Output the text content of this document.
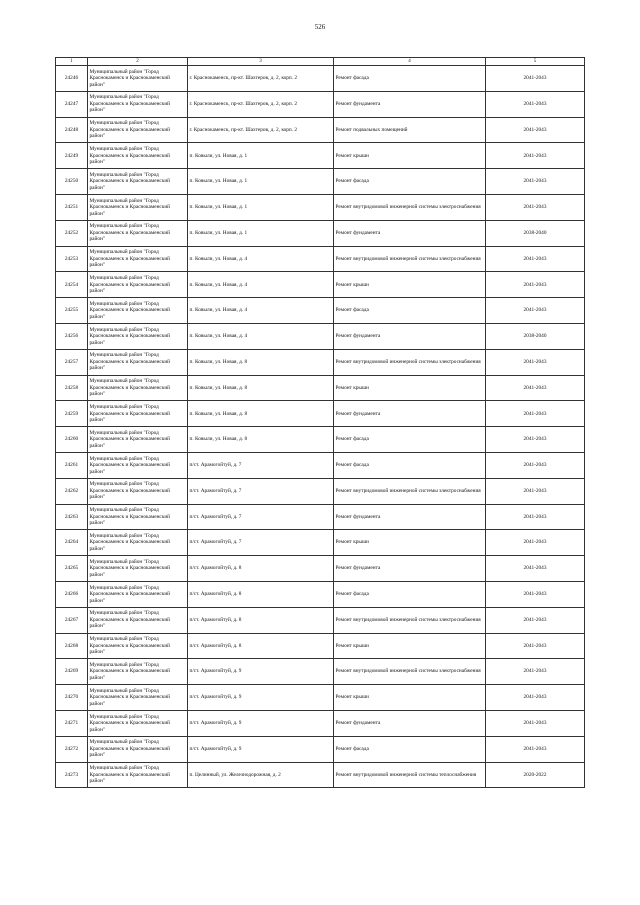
526
1	2	3	4	5
24246	Муниципальный район "Город Краснокаменск и Краснокаменский район"	г. Краснокаменск, пр-кт. Шахтеров, д. 2, корп. 2	Ремонт фасада	2041-2043
24247	Муниципальный район "Город Краснокаменск и Краснокаменский район"	г. Краснокаменск, пр-кт. Шахтеров, д. 2, корп. 2	Ремонт фундамента	2041-2043
24248	Муниципальный район "Город Краснокаменск и Краснокаменский район"	г. Краснокаменск, пр-кт. Шахтеров, д. 2, корп. 2	Ремонт подвальных помещений	2041-2043
24249	Муниципальный район "Город Краснокаменск и Краснокаменский район"	п. Ковыли, ул. Новая, д. 1	Ремонт крыши	2041-2043
24250	Муниципальный район "Город Краснокаменск и Краснокаменский район"	п. Ковыли, ул. Новая, д. 1	Ремонт фасада	2041-2043
24251	Муниципальный район "Город Краснокаменск и Краснокаменский район"	п. Ковыли, ул. Новая, д. 1	Ремонт внутридомовой инженерной системы электроснабжения	2041-2043
24252	Муниципальный район "Город Краснокаменск и Краснокаменский район"	п. Ковыли, ул. Новая, д. 1	Ремонт фундамента	2038-2040
24253	Муниципальный район "Город Краснокаменск и Краснокаменский район"	п. Ковыли, ул. Новая, д. 4	Ремонт внутридомовой инженерной системы электроснабжения	2041-2043
24254	Муниципальный район "Город Краснокаменск и Краснокаменский район"	п. Ковыли, ул. Новая, д. 4	Ремонт крыши	2041-2043
24255	Муниципальный район "Город Краснокаменск и Краснокаменский район"	п. Ковыли, ул. Новая, д. 4	Ремонт фасада	2041-2043
24256	Муниципальный район "Город Краснокаменск и Краснокаменский район"	п. Ковыли, ул. Новая, д. 4	Ремонт фундамента	2038-2040
24257	Муниципальный район "Город Краснокаменск и Краснокаменский район"	п. Ковыли, ул. Новая, д. 8	Ремонт внутридомовой инженерной системы электроснабжения	2041-2043
24258	Муниципальный район "Город Краснокаменск и Краснокаменский район"	п. Ковыли, ул. Новая, д. 8	Ремонт крыши	2041-2043
24259	Муниципальный район "Город Краснокаменск и Краснокаменский район"	п. Ковыли, ул. Новая, д. 8	Ремонт фундамента	2041-2043
24260	Муниципальный район "Город Краснокаменск и Краснокаменский район"	п. Ковыли, ул. Новая, д. 8	Ремонт фасада	2041-2043
24261	Муниципальный район "Город Краснокаменск и Краснокаменский район"	п/ст. Арамогойтуй, д. 7	Ремонт фасада	2041-2043
24262	Муниципальный район "Город Краснокаменск и Краснокаменский район"	п/ст. Арамогойтуй, д. 7	Ремонт внутридомовой инженерной системы электроснабжения	2041-2043
24263	Муниципальный район "Город Краснокаменск и Краснокаменский район"	п/ст. Арамогойтуй, д. 7	Ремонт фундамента	2041-2043
24264	Муниципальный район "Город Краснокаменск и Краснокаменский район"	п/ст. Арамогойтуй, д. 7	Ремонт крыши	2041-2043
24265	Муниципальный район "Город Краснокаменск и Краснокаменский район"	п/ст. Арамогойтуй, д. 8	Ремонт фундамента	2041-2043
24266	Муниципальный район "Город Краснокаменск и Краснокаменский район"	п/ст. Арамогойтуй, д. 8	Ремонт фасада	2041-2043
24267	Муниципальный район "Город Краснокаменск и Краснокаменский район"	п/ст. Арамогойтуй, д. 8	Ремонт внутридомовой инженерной системы электроснабжения	2041-2043
24268	Муниципальный район "Город Краснокаменск и Краснокаменский район"	п/ст. Арамогойтуй, д. 8	Ремонт крыши	2041-2043
24269	Муниципальный район "Город Краснокаменск и Краснокаменский район"	п/ст. Арамогойтуй, д. 9	Ремонт внутридомовой инженерной системы электроснабжения	2041-2043
24270	Муниципальный район "Город Краснокаменск и Краснокаменский район"	п/ст. Арамогойтуй, д. 9	Ремонт крыши	2041-2043
24271	Муниципальный район "Город Краснокаменск и Краснокаменский район"	п/ст. Арамогойтуй, д. 9	Ремонт фундамента	2041-2043
24272	Муниципальный район "Город Краснокаменск и Краснокаменский район"	п/ст. Арамогойтуй, д. 9	Ремонт фасада	2041-2043
24273	Муниципальный район "Город Краснокаменск и Краснокаменский район"	п. Целинный, ул. Железнодорожная, д. 2	Ремонт внутридомовой инженерной системы теплоснабжения	2020-2022
